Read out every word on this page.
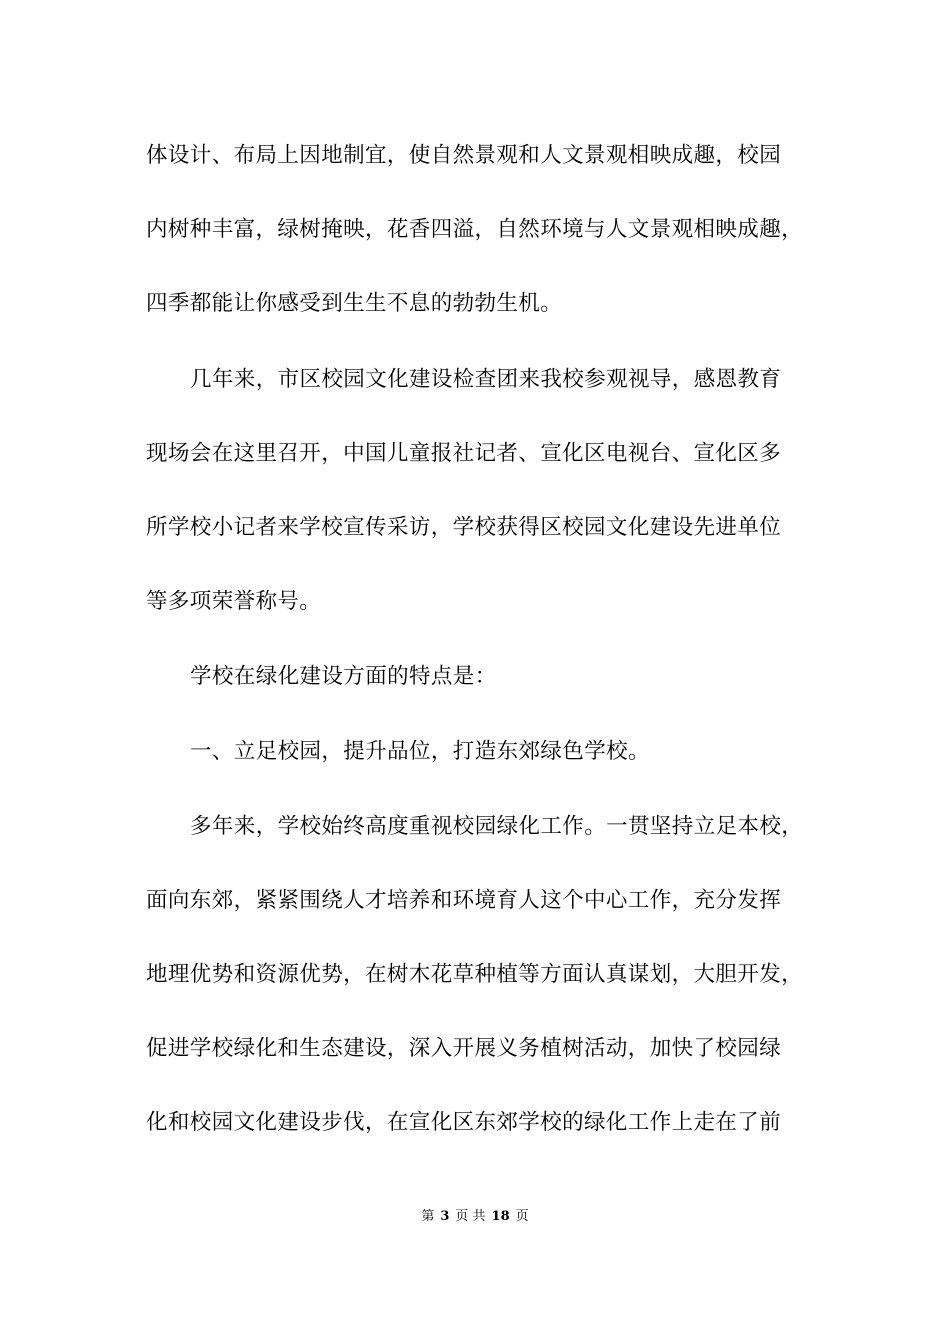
体设计、布局上因地制宜，使自然景观和人文景观相映成趣，校园
内树种丰富，绿树掩映，花香四溢，自然环境与人文景观相映成趣，
四季都能让你感受到生生不息的勃勃生机。
几年来，市区校园文化建设检查团来我校参观视导，感恩教育
现场会在这里召开，中国儿童报社记者、宣化区电视台、宣化区多
所学校小记者来学校宣传采访，学校获得区校园文化建设先进单位
等多项荣誉称号。
学校在绿化建设方面的特点是：
一、立足校园，提升品位，打造东郊绿色学校。
多年来，学校始终高度重视校园绿化工作。一贯坚持立足本校，
面向东郊，紧紧围绕人才培养和环境育人这个中心工作，充分发挥
地理优势和资源优势，在树木花草种植等方面认真谋划，大胆开发，
促进学校绿化和生态建设，深入开展义务植树活动，加快了校园绿
化和校园文化建设步伐，在宣化区东郊学校的绿化工作上走在了前
第 3 页 共 18 页
